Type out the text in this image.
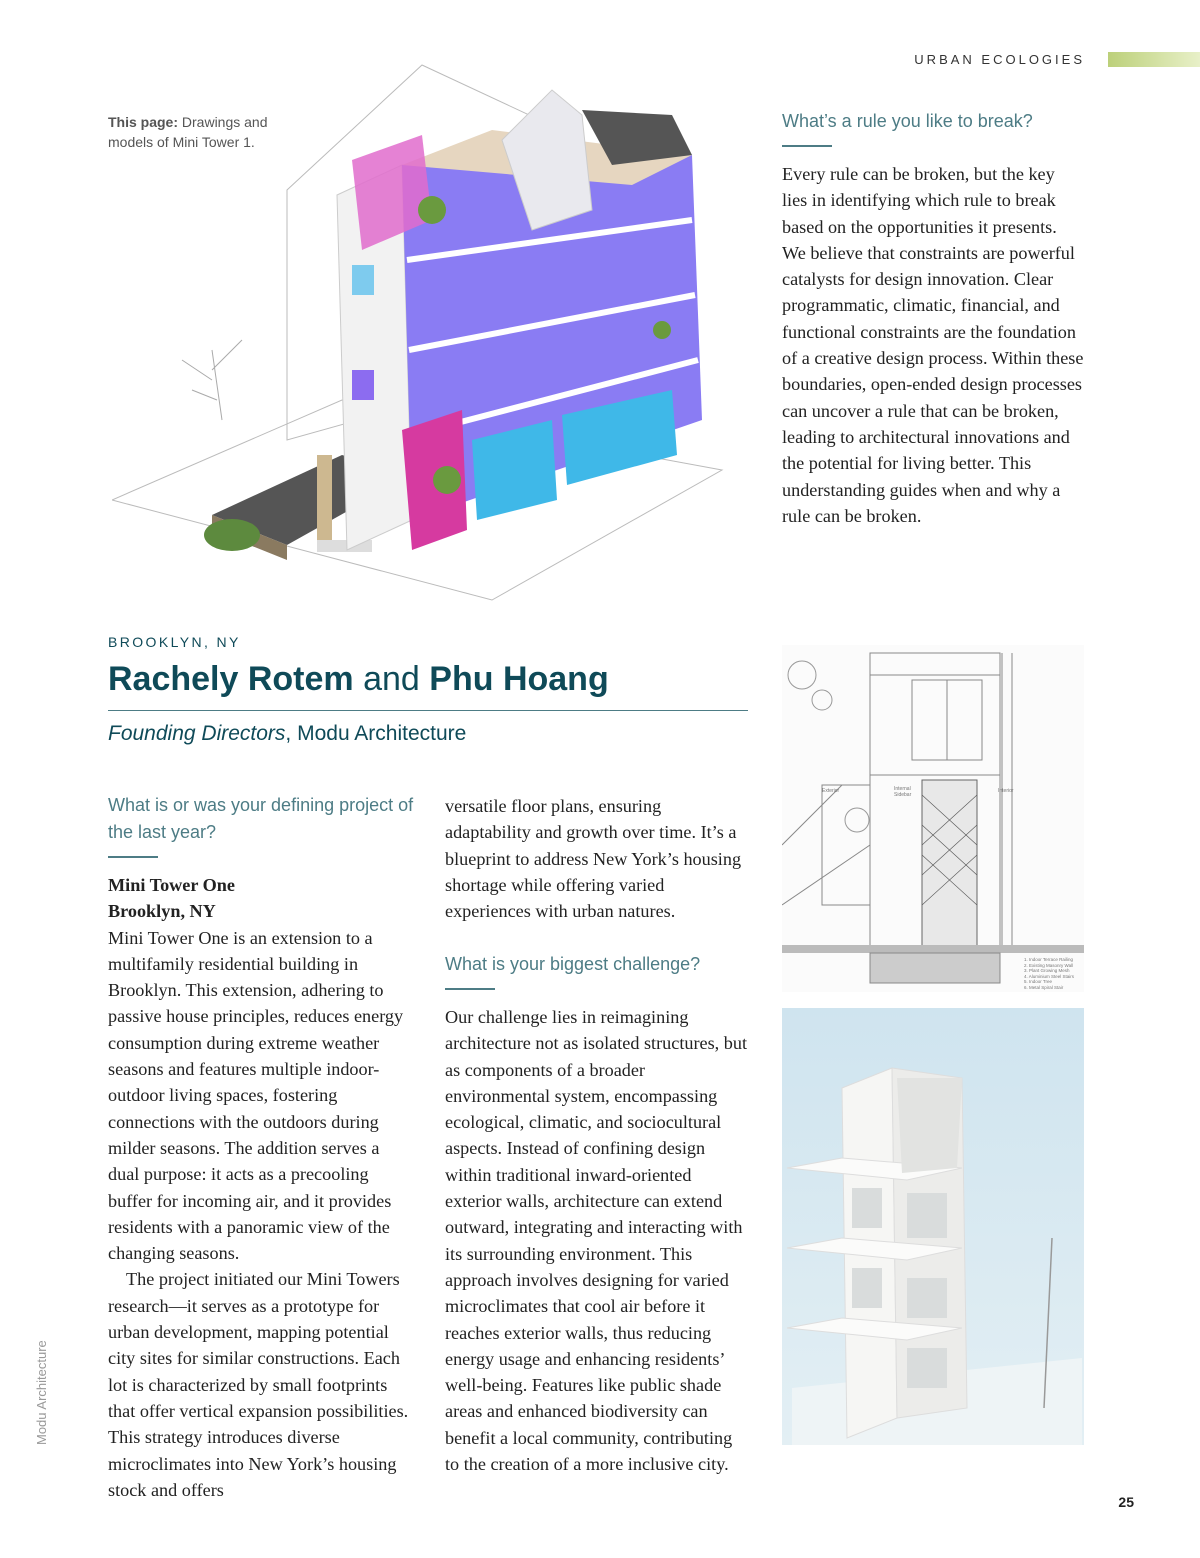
URBAN ECOLOGIES
This page: Drawings and models of Mini Tower 1.
What’s a rule you like to break?

Every rule can be broken, but the key lies in identifying which rule to break based on the opportunities it presents. We believe that constraints are powerful catalysts for design innovation. Clear programmatic, climatic, financial, and functional constraints are the foundation of a creative design process. Within these boundaries, open-ended design processes can uncover a rule that can be broken, leading to architectural innovations and the potential for living better. This understanding guides when and why a rule can be broken.

BROOKLYN, NY
Rachely Rotem and Phu Hoang
Founding Directors, Modu Architecture
What is or was your defining project of the last year?

Mini Tower One

Brooklyn, NY

Mini Tower One is an extension to a multifamily residential building in Brooklyn. This extension, adhering to passive house principles, reduces energy consumption during extreme weather seasons and features multiple indoor-outdoor living spaces, fostering connections with the outdoors during milder seasons. The addition serves a dual purpose: it acts as a precooling buffer for incoming air, and it provides residents with a panoramic view of the changing seasons.

The project initiated our Mini Towers research—it serves as a prototype for urban development, mapping potential city sites for similar constructions. Each lot is characterized by small footprints that offer vertical expansion possibilities. This strategy introduces diverse microclimates into New York’s housing stock and offers

versatile floor plans, ensuring adaptability and growth over time. It’s a blueprint to address New York’s housing shortage while offering varied experiences with urban natures.

What is your biggest challenge?

Our challenge lies in reimagining architecture not as isolated structures, but as components of a broader environmental system, encompassing ecological, climatic, and sociocultural aspects. Instead of confining design within traditional inward-oriented exterior walls, architecture can extend outward, integrating and interacting with its surrounding environment. This approach involves designing for varied microclimates that cool air before it reaches exterior walls, thus reducing energy usage and enhancing residents’ well-being. Features like public shade areas and enhanced biodiversity can benefit a local community, contributing to the creation of a more inclusive city.

Exterior	Internal Sidebar
Interior
1. Indoor Terrace Railing
2. Existing Masonry Wall
3. Plant Growing Mesh
4. Aluminium Steel Stairs
5. Indoor Tree
6. Metal Spiral Stair
Modu Architecture
25
